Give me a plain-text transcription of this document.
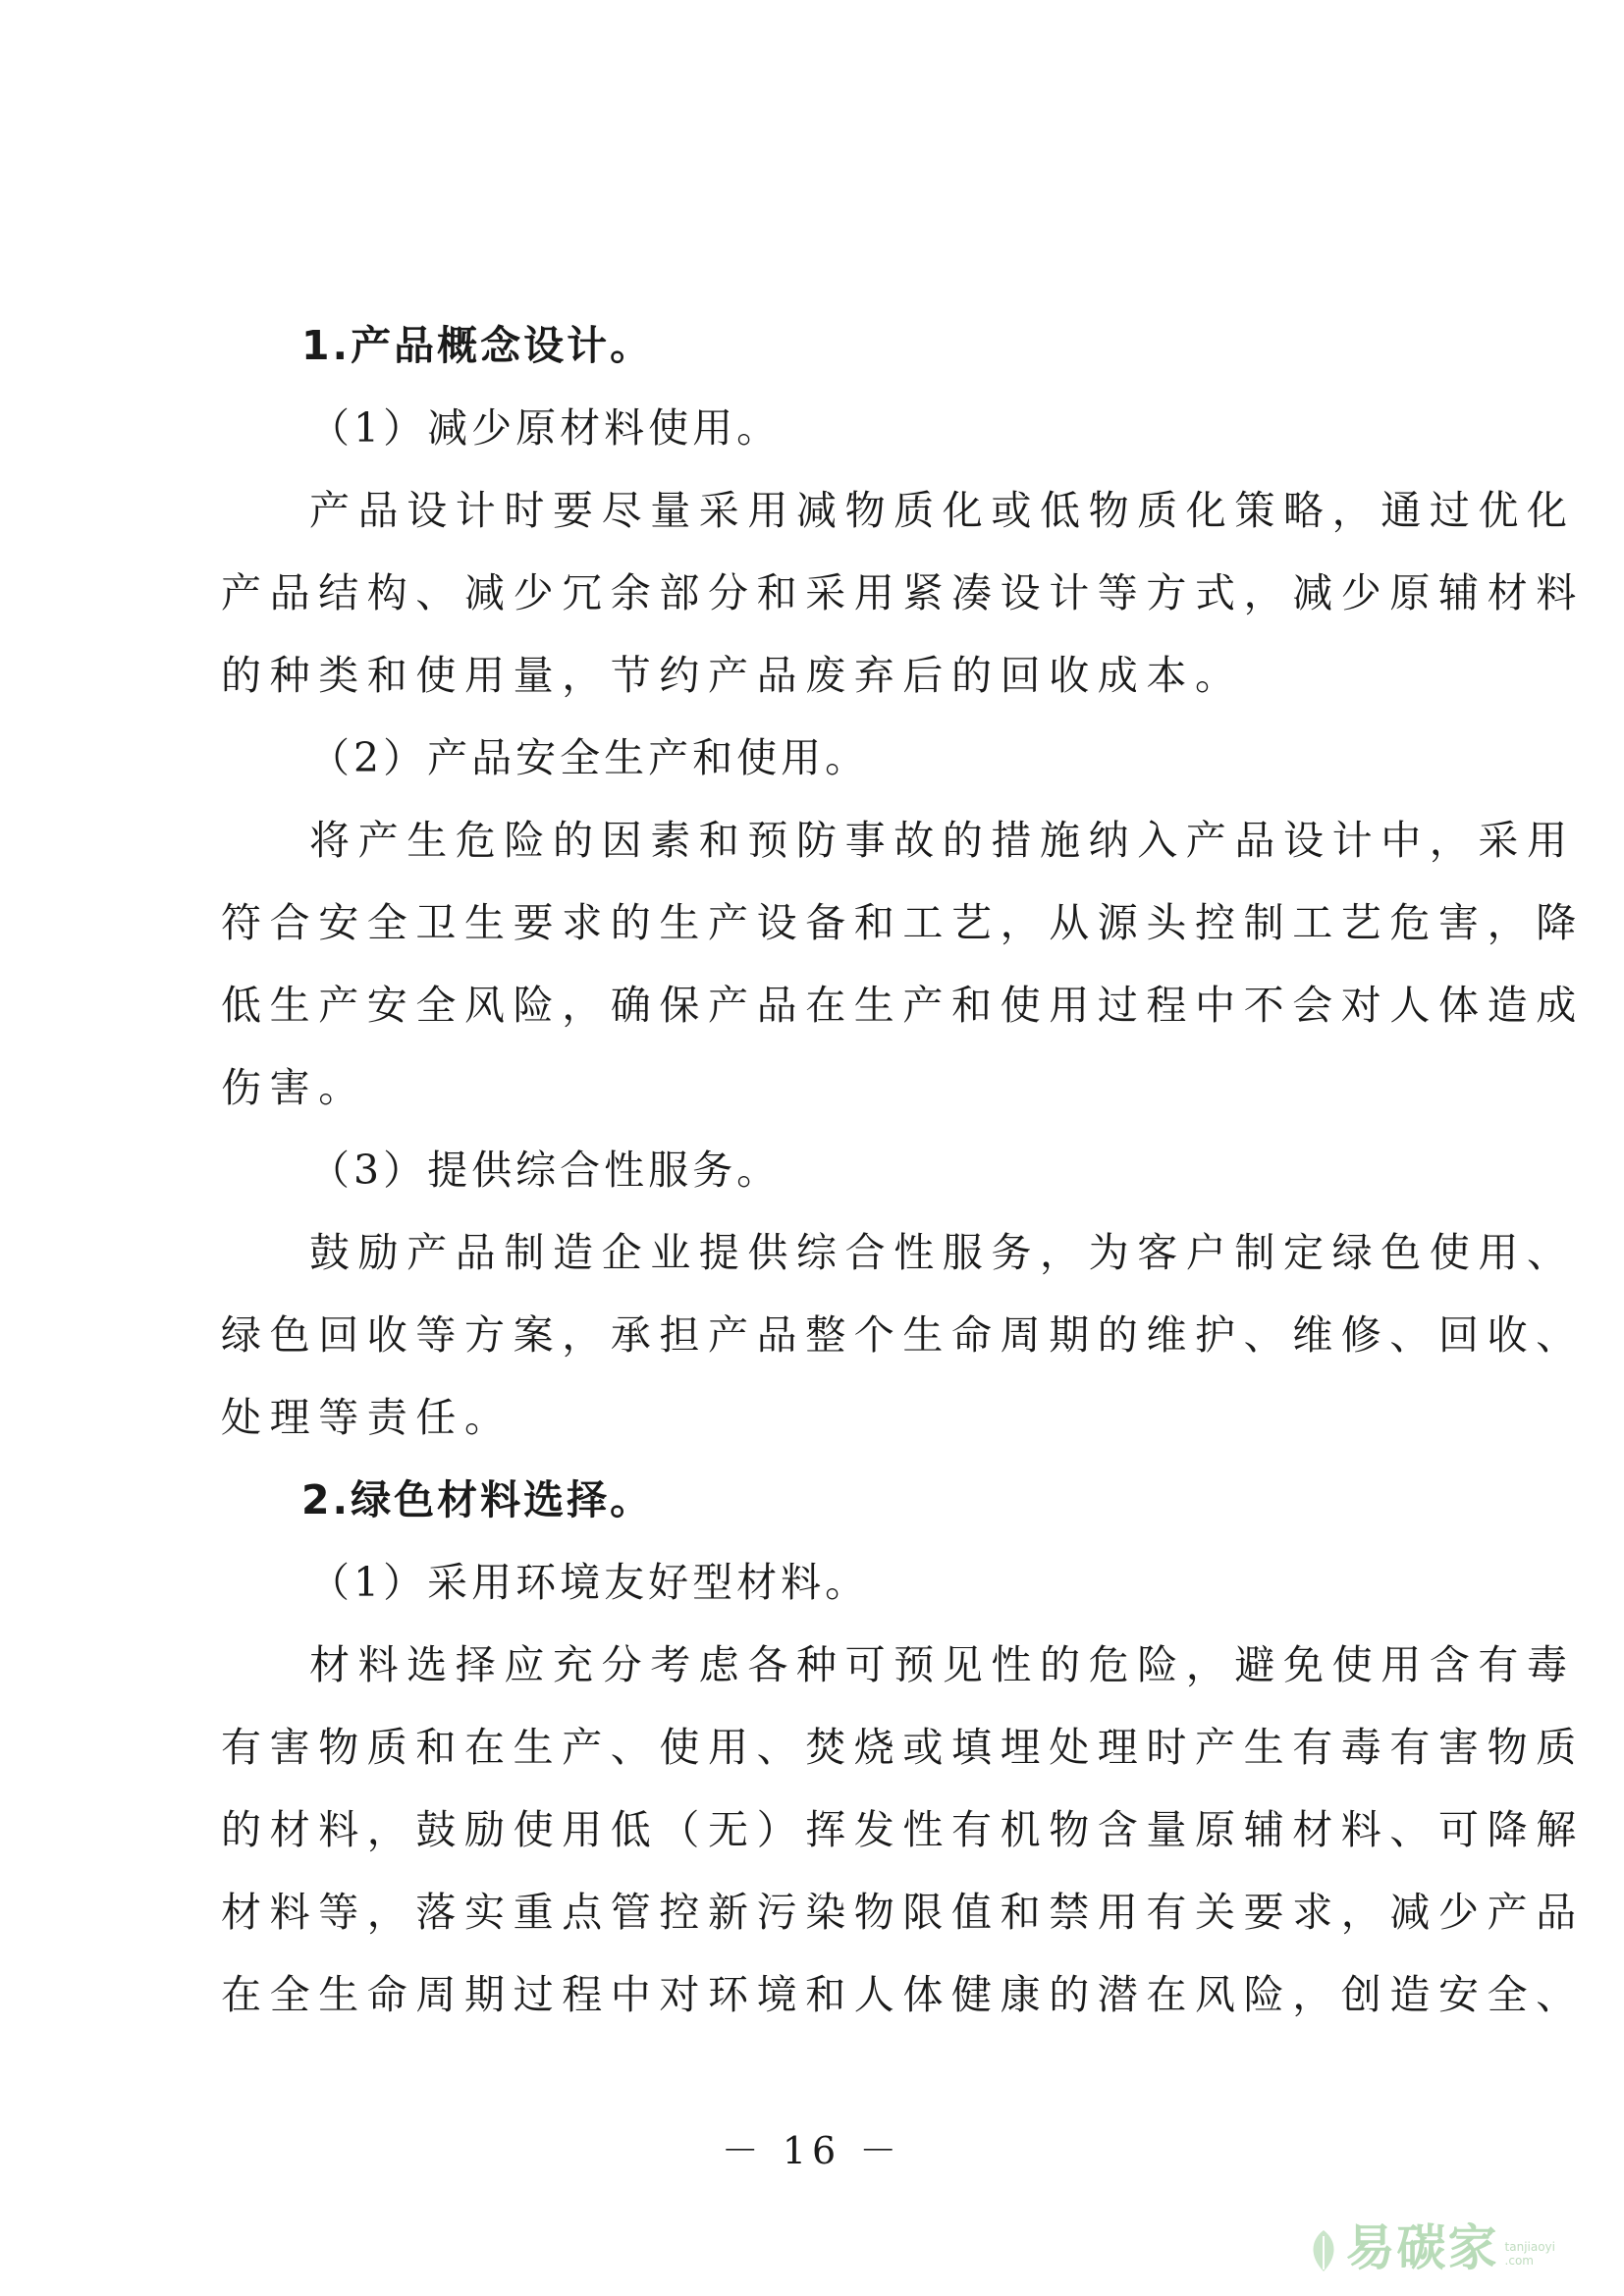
1.产品概念设计。
（1）减少原材料使用。
产品设计时要尽量采用减物质化或低物质化策略，通过优化
产品结构、减少冗余部分和采用紧凑设计等方式，减少原辅材料
的种类和使用量，节约产品废弃后的回收成本。
（2）产品安全生产和使用。
将产生危险的因素和预防事故的措施纳入产品设计中，采用
符合安全卫生要求的生产设备和工艺，从源头控制工艺危害，降
低生产安全风险，确保产品在生产和使用过程中不会对人体造成
伤害。
（3）提供综合性服务。
鼓励产品制造企业提供综合性服务，为客户制定绿色使用、
绿色回收等方案，承担产品整个生命周期的维护、维修、回收、
处理等责任。
2.绿色材料选择。
（1）采用环境友好型材料。
材料选择应充分考虑各种可预见性的危险，避免使用含有毒
有害物质和在生产、使用、焚烧或填埋处理时产生有毒有害物质
的材料，鼓励使用低（无）挥发性有机物含量原辅材料、可降解
材料等，落实重点管控新污染物限值和禁用有关要求，减少产品
在全生命周期过程中对环境和人体健康的潜在风险，创造安全、
－ 16 －
易碳家 tanjiaoyi
.com
